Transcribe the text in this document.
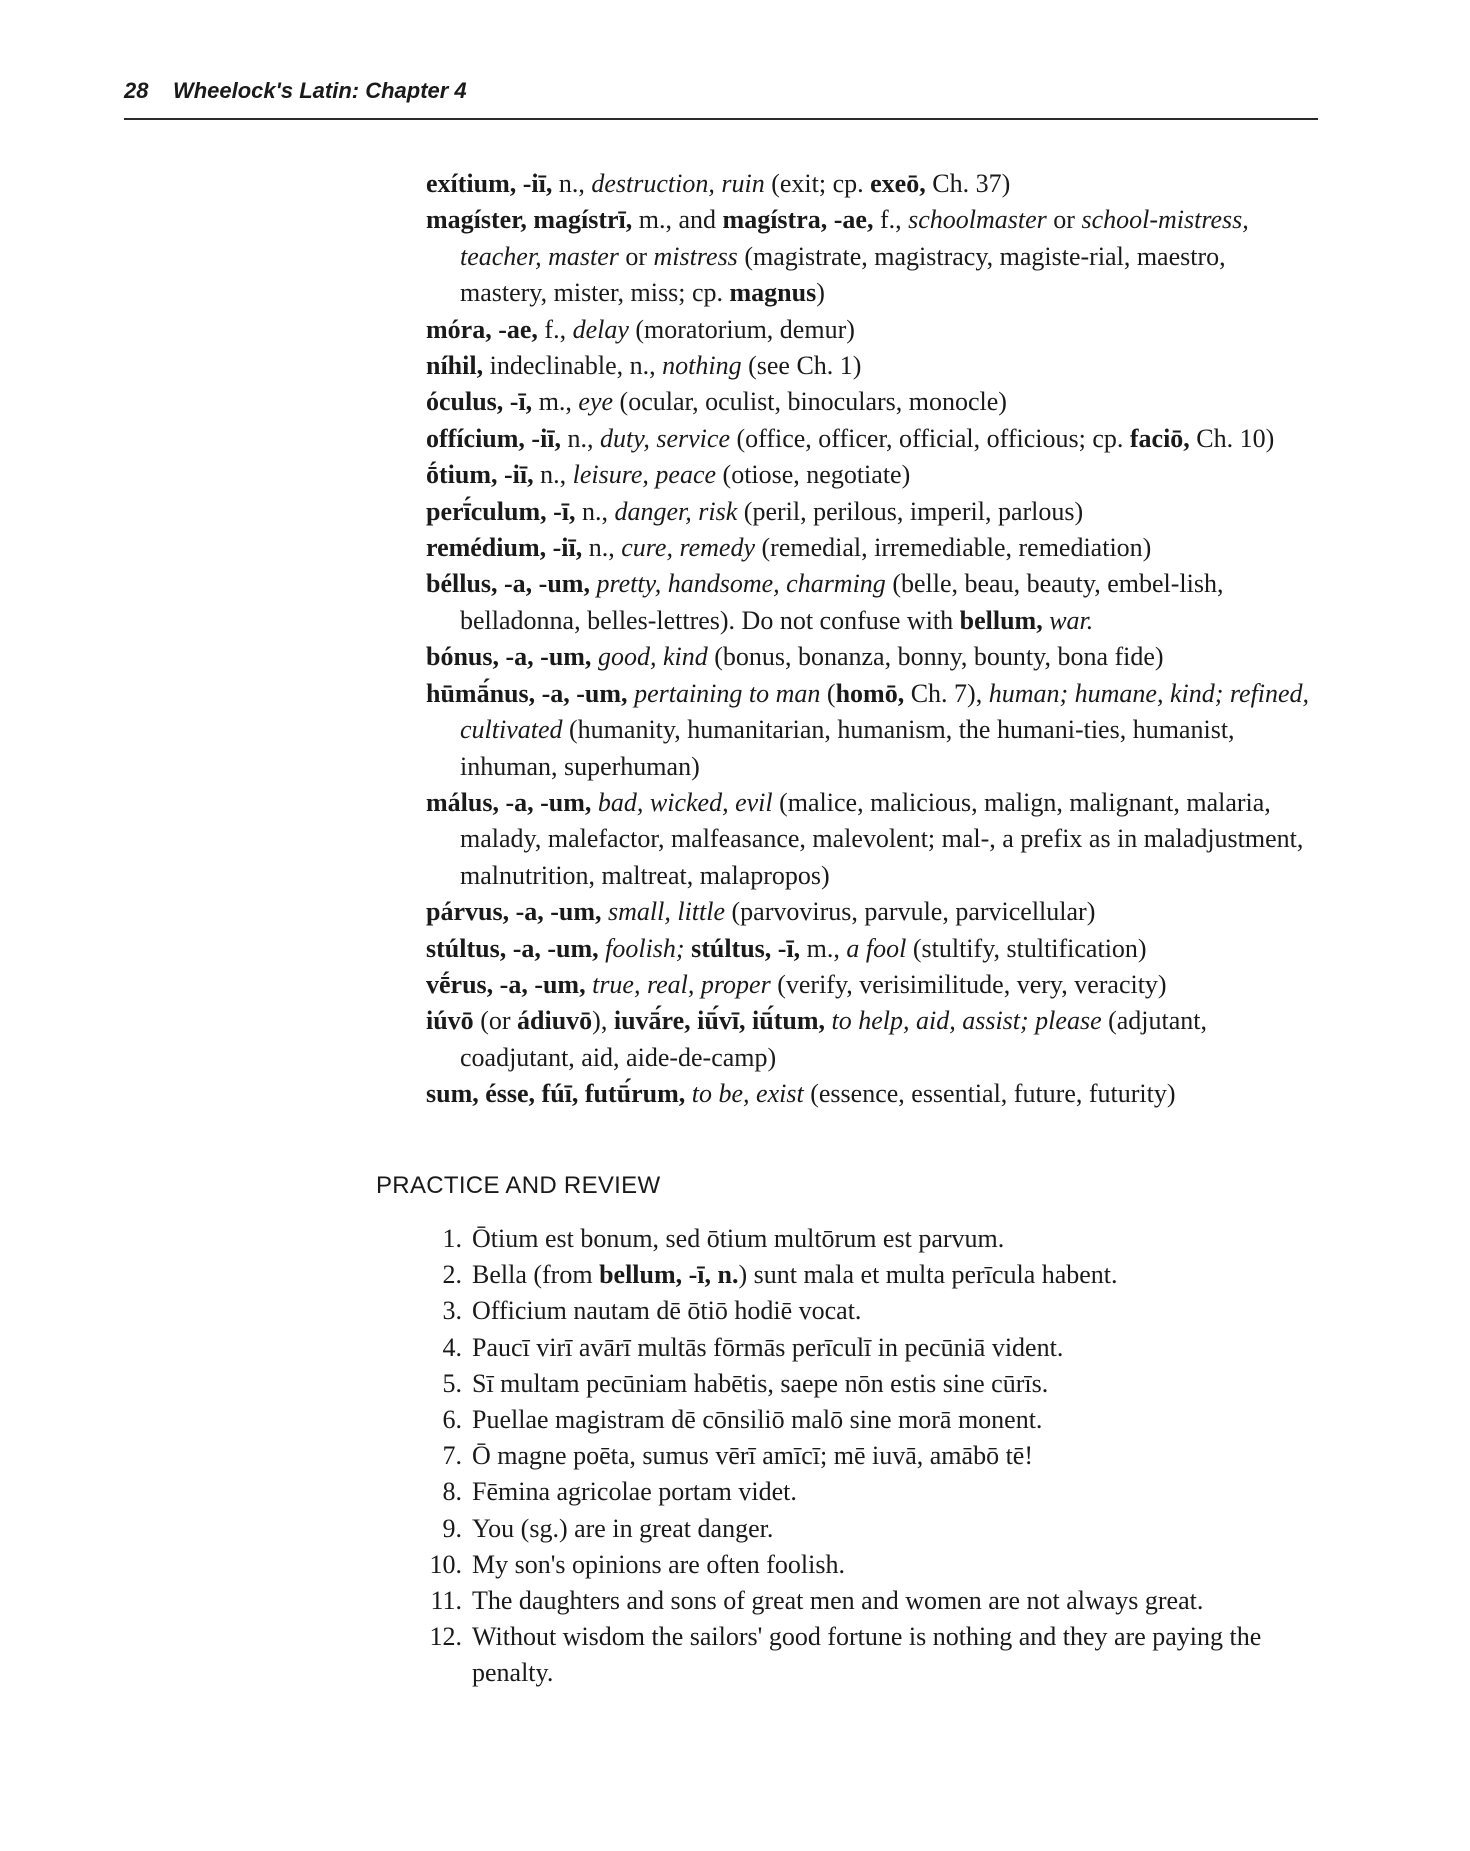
28 Wheelock's Latin: Chapter 4
exítium, -iī, n., destruction, ruin (exit; cp. exeō, Ch. 37)
magíster, magístrī, m., and magístra, -ae, f., schoolmaster or school-mistress, teacher, master or mistress (magistrate, magistracy, magiste-rial, maestro, mastery, mister, miss; cp. magnus)
móra, -ae, f., delay (moratorium, demur)
níhil, indeclinable, n., nothing (see Ch. 1)
óculus, -ī, m., eye (ocular, oculist, binoculars, monocle)
offícium, -iī, n., duty, service (office, officer, official, officious; cp. faciō, Ch. 10)
ṓtium, -iī, n., leisure, peace (otiose, negotiate)
perī́culum, -ī, n., danger, risk (peril, perilous, imperil, parlous)
remédium, -iī, n., cure, remedy (remedial, irremediable, remediation)
béllus, -a, -um, pretty, handsome, charming (belle, beau, beauty, embel-lish, belladonna, belles-lettres). Do not confuse with bellum, war.
bónus, -a, -um, good, kind (bonus, bonanza, bonny, bounty, bona fide)
hūmā́nus, -a, -um, pertaining to man (homō, Ch. 7), human; humane, kind; refined, cultivated (humanity, humanitarian, humanism, the humani-ties, humanist, inhuman, superhuman)
málus, -a, -um, bad, wicked, evil (malice, malicious, malign, malignant, malaria, malady, malefactor, malfeasance, malevolent; mal-, a prefix as in maladjustment, malnutrition, maltreat, malapropos)
párvus, -a, -um, small, little (parvovirus, parvule, parvicellular)
stúltus, -a, -um, foolish; stúltus, -ī, m., a fool (stultify, stultification)
vḗrus, -a, -um, true, real, proper (verify, verisimilitude, very, veracity)
iúvō (or ádiuvō), iuvā́re, iū́vī, iū́tum, to help, aid, assist; please (adjutant, coadjutant, aid, aide-de-camp)
sum, ésse, fúī, futū́rum, to be, exist (essence, essential, future, futurity)
PRACTICE AND REVIEW
1. Ōtium est bonum, sed ōtium multōrum est parvum.
2. Bella (from bellum, -ī, n.) sunt mala et multa perīcula habent.
3. Officium nautam dē ōtiō hodiē vocat.
4. Paucī virī avārī multās fōrmās perīculī in pecūniā vident.
5. Sī multam pecūniam habētis, saepe nōn estis sine cūrīs.
6. Puellae magistram dē cōnsiliō malō sine morā monent.
7. Ō magne poēta, sumus vērī amīcī; mē iuvā, amābō tē!
8. Fēmina agricolae portam videt.
9. You (sg.) are in great danger.
10. My son's opinions are often foolish.
11. The daughters and sons of great men and women are not always great.
12. Without wisdom the sailors' good fortune is nothing and they are paying the penalty.
